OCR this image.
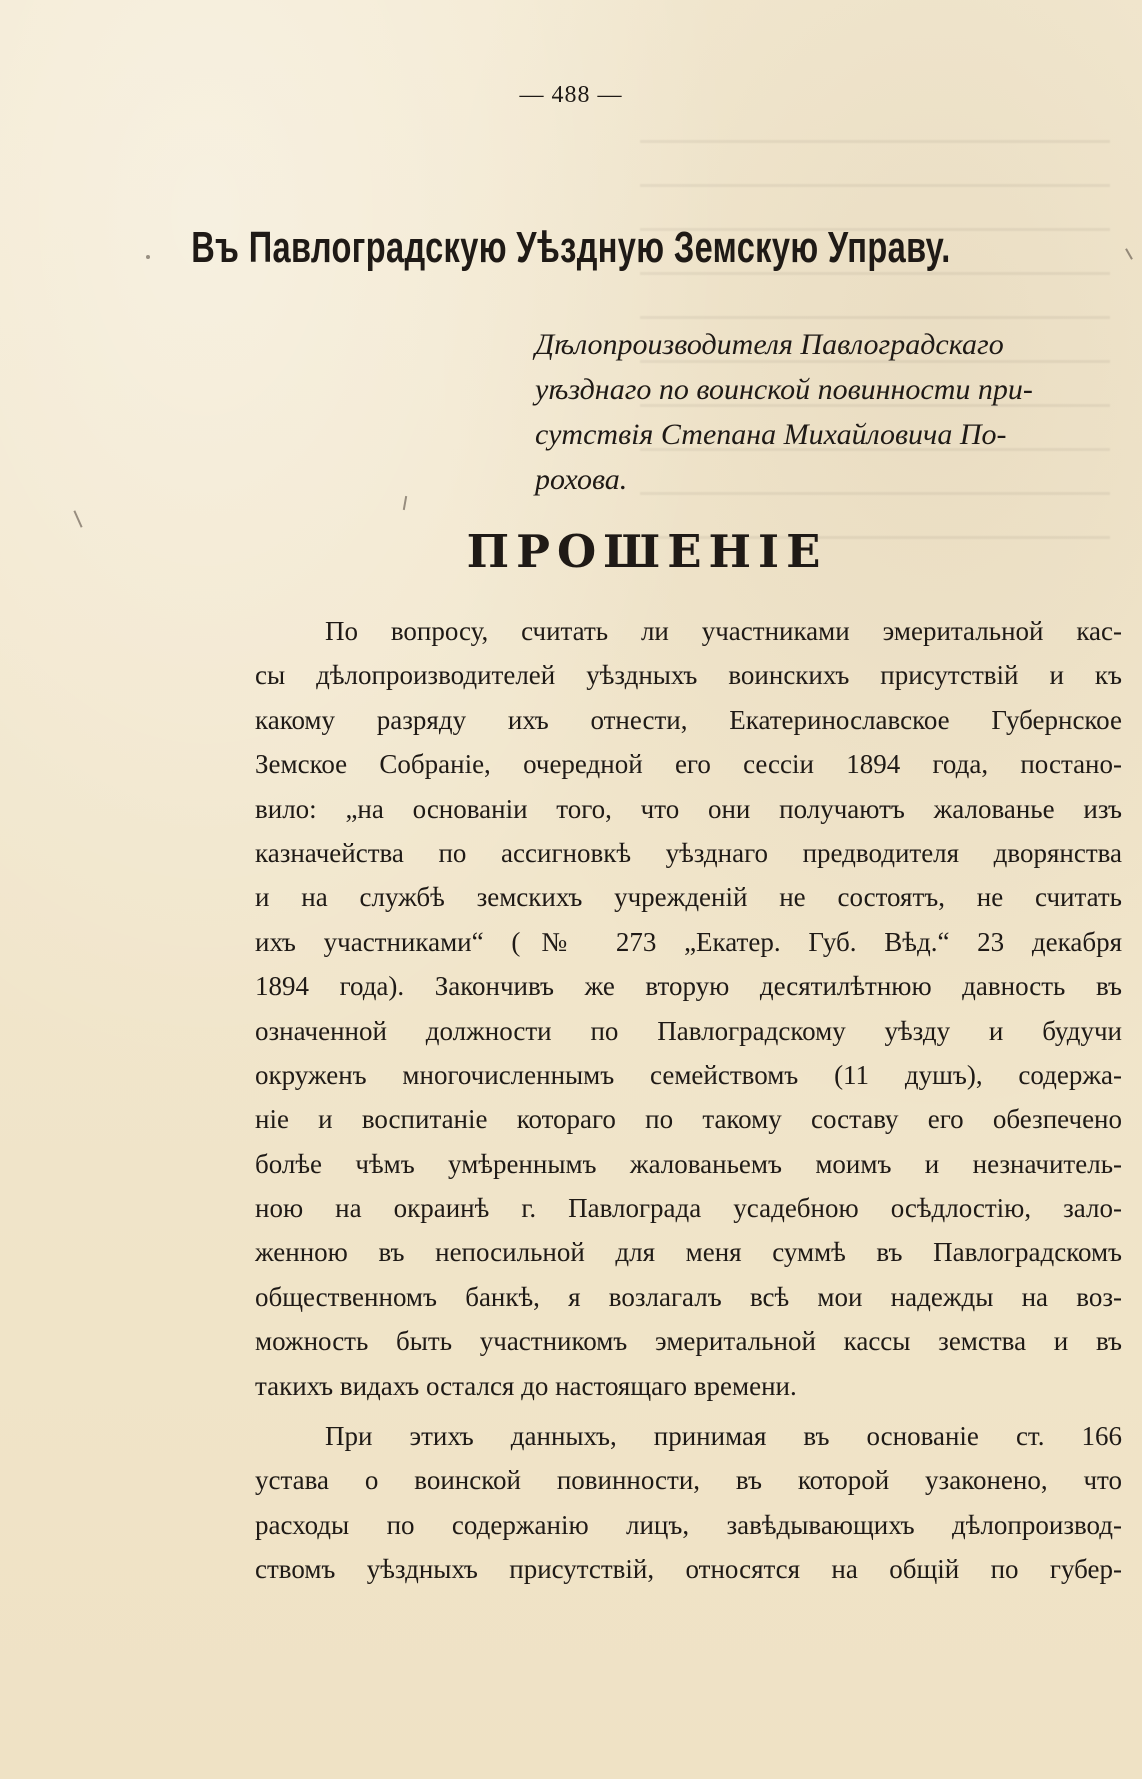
— 488 —
Въ Павлоградскую Уѣздную Земскую Управу.
Дѣлопроизводителя Павлоградскаго
уѣзднаго по воинской повинности при-
сутствія Степана Михайловича По-
рохова.
ПРОШЕНІЕ
По вопросу, считать ли участниками эмеритальной кас-
сы дѣлопроизводителей уѣздныхъ воинскихъ присутствій и къ
какому разряду ихъ отнести, Екатеринославское Губернское
Земское Собраніе, очередной его сессіи 1894 года, постано-
вило: „на основаніи того, что они получаютъ жалованье изъ
казначейства по ассигновкѣ уѣзднаго предводителя дворянства
и на службѣ земскихъ учрежденій не состоятъ, не считать
ихъ участниками“ (№ 273 „Екатер. Губ. Вѣд.“ 23 декабря
1894 года). Закончивъ же вторую десятилѣтнюю давность въ
означенной должности по Павлоградскому уѣзду и будучи
окруженъ многочисленнымъ семействомъ (11 душъ), содержа-
ніе и воспитаніе котораго по такому составу его обезпечено
болѣе чѣмъ умѣреннымъ жалованьемъ моимъ и незначитель-
ною на окраинѣ г. Павлограда усадебною осѣдлостію, зало-
женною въ непосильной для меня суммѣ въ Павлоградскомъ
общественномъ банкѣ, я возлагалъ всѣ мои надежды на воз-
можность быть участникомъ эмеритальной кассы земства и въ
такихъ видахъ остался до настоящаго времени.
При этихъ данныхъ, принимая въ основаніе ст. 166
устава о воинской повинности, въ которой узаконено, что
расходы по содержанію лицъ, завѣдывающихъ дѣлопроизвод-
ствомъ уѣздныхъ присутствій, относятся на общій по губер-
